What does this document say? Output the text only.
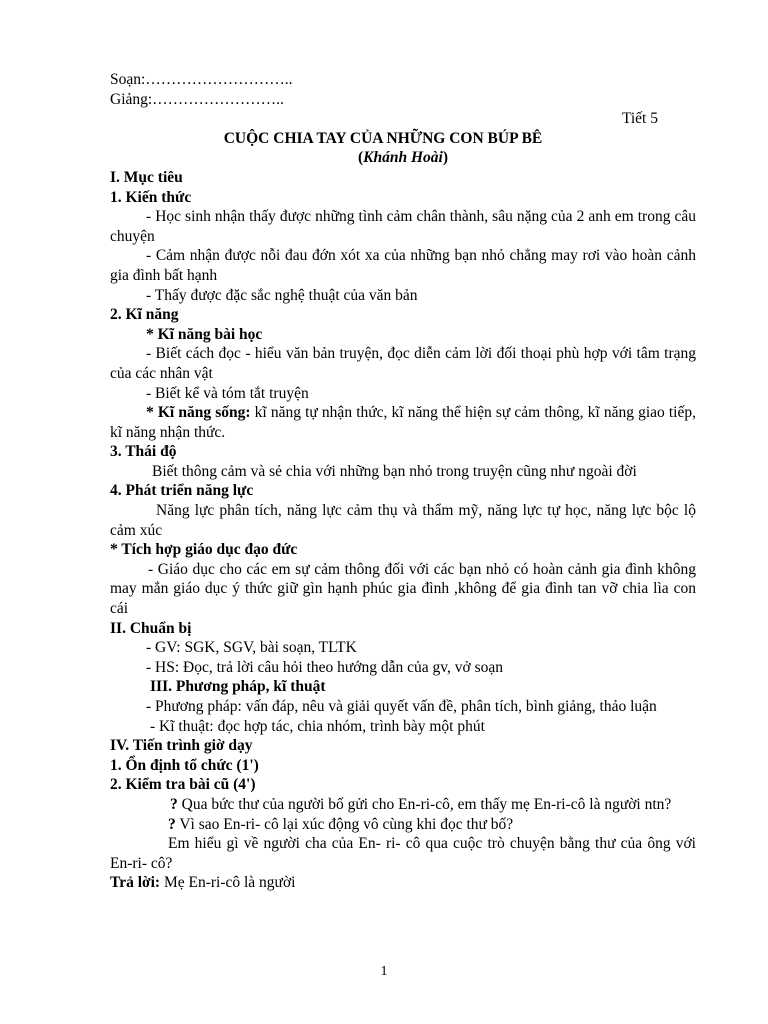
Soạn:………………………..
Giảng:……………………..
Tiết 5
CUỘC CHIA TAY CỦA NHỮNG CON BÚP BÊ
(Khánh Hoài)
I. Mục tiêu
1. Kiến thức
- Học sinh nhận thấy được những tình cảm chân thành, sâu nặng của 2 anh em trong câu chuyện
- Cảm nhận được nỗi đau đớn xót xa của những bạn nhỏ chẳng may rơi vào hoàn cảnh gia đình bất hạnh
- Thấy được đặc sắc nghệ thuật của văn bản
2. Kĩ năng
* Kĩ năng bài học
- Biết cách đọc - hiểu văn bản truyện, đọc diễn cảm lời đối thoại phù hợp với tâm trạng của các nhân vật
- Biết kể và tóm tắt truyện
* Kĩ năng sống: kĩ năng tự nhận thức, kĩ năng thể hiện sự cảm thông, kĩ năng giao tiếp, kĩ năng nhận thức.
3. Thái độ
Biết thông cảm và sẻ chia với những bạn nhỏ trong truyện cũng như ngoài đời
4. Phát triển năng lực
Năng lực phân tích, năng lực cảm thụ và thẩm mỹ, năng lực tự học, năng lực bộc lộ cảm xúc
* Tích hợp giáo dục đạo đức
- Giáo dục cho các em sự cảm thông đối với các bạn nhỏ có hoàn cảnh gia đình không may mắn giáo dục ý thức giữ gìn hạnh phúc gia đình ,không để gia đình tan vỡ chia lìa con cái
II. Chuẩn bị
- GV: SGK, SGV, bài soạn, TLTK
- HS: Đọc, trả lời câu hỏi theo hướng dẫn của gv, vở soạn
III. Phương pháp, kĩ thuật
- Phương pháp: vấn đáp, nêu và giải quyết vấn đề, phân tích, bình giảng, thảo luận
- Kĩ thuật: đọc hợp tác, chia nhóm, trình bày một phút
IV. Tiến trình giờ dạy
1. Ổn định tổ chức (1')
2. Kiểm tra bài cũ (4')
? Qua bức thư của người bố gửi cho En-ri-cô, em thấy mẹ En-ri-cô là người ntn?
? Vì sao En-ri- cô lại xúc động vô cùng khi đọc thư bố?
Em hiểu gì về người cha của En- ri- cô qua cuộc trò chuyện bằng thư của ông với En-ri- cô?
Trả lời: Mẹ En-ri-cô là người
1
